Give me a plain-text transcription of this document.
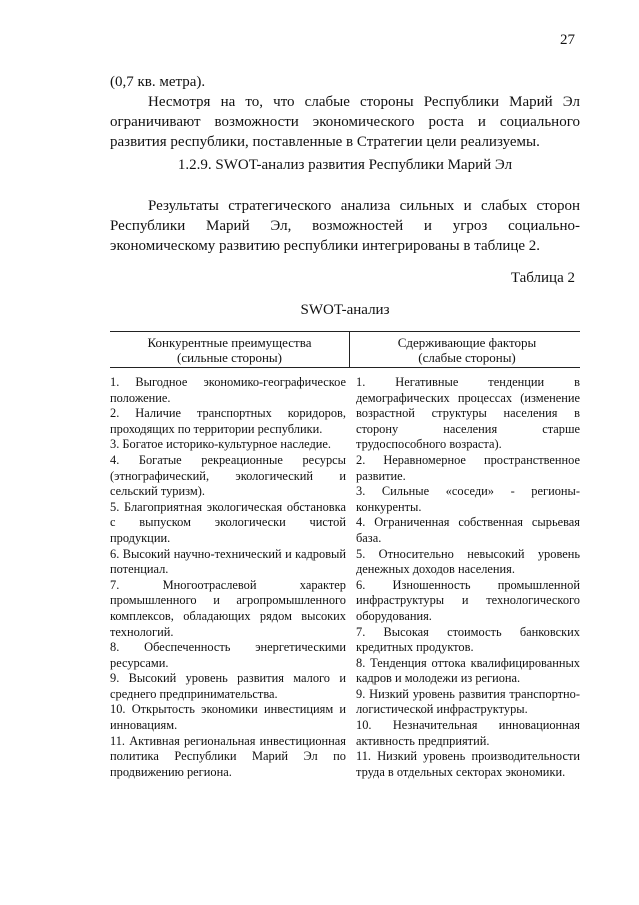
27
(0,7 кв. метра).
Несмотря на то, что слабые стороны Республики Марий Эл ограничивают возможности экономического роста и социального развития республики, поставленные в Стратегии цели реализуемы.
1.2.9. SWOT-анализ развития Республики Марий Эл
Результаты стратегического анализа сильных и слабых сторон Республики Марий Эл, возможностей и угроз социально-экономическому развитию республики интегрированы в таблице 2.
Таблица 2
SWOT-анализ
Конкурентные преимущества
(сильные стороны)
Сдерживающие факторы
(слабые стороны)

1. Выгодное экономико-географическое положение.

2. Наличие транспортных коридоров, проходящих по территории республики.

3. Богатое историко-культурное наследие.

4. Богатые рекреационные ресурсы (этнографический, экологический и сельский туризм).

5. Благоприятная экологическая обстановка с выпуском экологически чистой продукции.

6. Высокий научно-технический и кадровый потенциал.

7. Многоотраслевой характер промышленного и агропромышленного комплексов, обладающих рядом высоких технологий.

8. Обеспеченность энергетическими ресурсами.

9. Высокий уровень развития малого и среднего предпринимательства.

10. Открытость экономики инвестициям и инновациям.

11. Активная региональная инвестиционная политика Республики Марий Эл по продвижению региона.

1. Негативные тенденции в демографических процессах (изменение возрастной структуры населения в сторону населения старше трудоспособного возраста).

2. Неравномерное пространственное развитие.

3. Сильные «соседи» - регионы-конкуренты.

4. Ограниченная собственная сырьевая база.

5. Относительно невысокий уровень денежных доходов населения.

6. Изношенность промышленной инфраструктуры и технологического оборудования.

7. Высокая стоимость банковских кредитных продуктов.

8. Тенденция оттока квалифицированных кадров и молодежи из региона.

9. Низкий уровень развития транспортно-логистической инфраструктуры.

10. Незначительная инновационная активность предприятий.

11. Низкий уровень производительности труда в отдельных секторах экономики.
